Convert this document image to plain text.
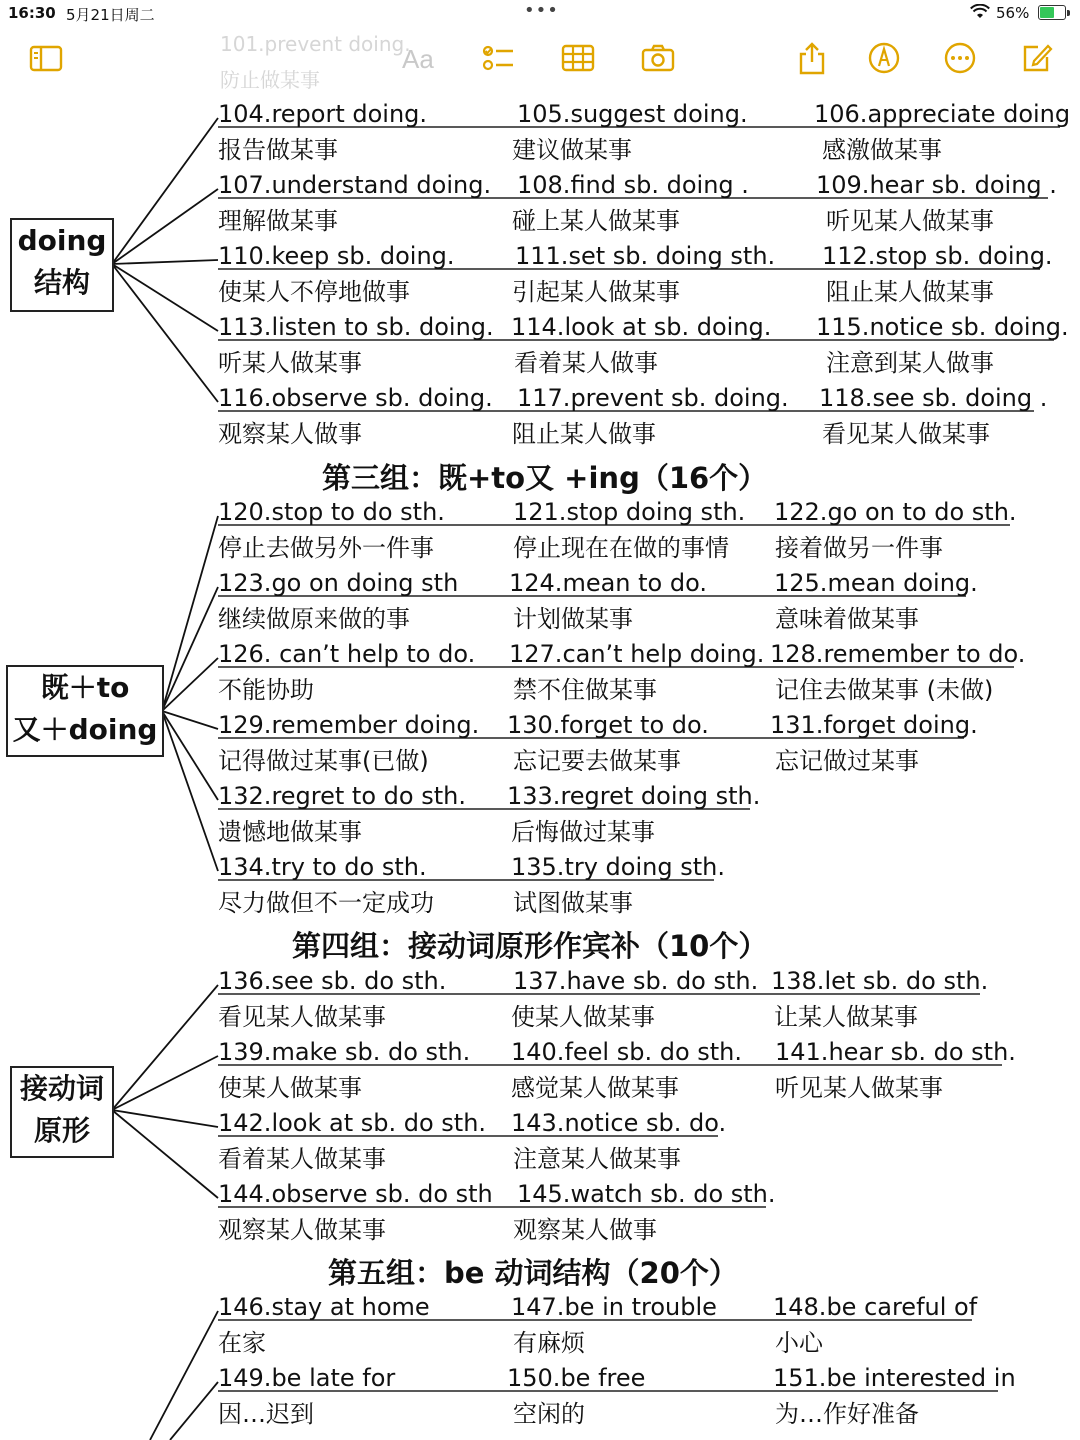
16:30 5月21日周二	•••	56%
101.prevent doing.
防止做某事
Aa
doing
结构
既＋to
又＋doing
接动词
原形
104.report doing.	105.suggest doing.	106.appreciate doing
报告做某事	建议做某事	感激做某事
107.understand doing. 108.find sb. doing .	109.hear sb. doing .
理解做某事	碰上某人做某事	听见某人做某事
110.keep sb. doing.	111.set sb. doing sth. 112.stop sb. doing.
使某人不停地做事	引起某人做某事	阻止某人做某事
113.listen to sb. doing. 114.look at sb. doing. 115.notice sb. doing.
听某人做某事	看着某人做事	注意到某人做事
116.observe sb. doing. 117.prevent sb. doing. 118.see sb. doing .
观察某人做事	阻止某人做事	看见某人做某事
第三组：既+to又 +ing（16个）
120.stop to do sth.	121.stop doing sth. 122.go on to do sth.
停止去做另外一件事	停止现在在做的事情 接着做另一件事
123.go on doing sth 124.mean to do.	125.mean doing.
继续做原来做的事	计划做某事	意味着做某事
126. can’t help to do. 127.can’t help doing. 128.remember to do.
不能协助	禁不住做某事	记住去做某事 (未做)
129.remember doing. 130.forget to do.	131.forget doing.
记得做过某事(已做)	忘记要去做某事	忘记做过某事
132.regret to do sth. 133.regret doing sth.
遗憾地做某事	后悔做过某事
134.try to do sth.	135.try doing sth.
尽力做但不一定成功	试图做某事
第四组：接动词原形作宾补（10个）
136.see sb. do sth.	137.have sb. do sth. 138.let sb. do sth.
看见某人做某事	使某人做某事	让某人做某事
139.make sb. do sth. 140.feel sb. do sth. 141.hear sb. do sth.
使某人做某事	感觉某人做某事	听见某人做某事
142.look at sb. do sth. 143.notice sb. do.
看着某人做某事	注意某人做某事
144.observe sb. do sth 145.watch sb. do sth.
观察某人做某事	观察某人做事
第五组：be 动词结构（20个）
146.stay at home	147.be in trouble 148.be careful of
在家	有麻烦	小心
149.be late for	150.be free	151.be interested in
因…迟到	空闲的	为…作好准备
